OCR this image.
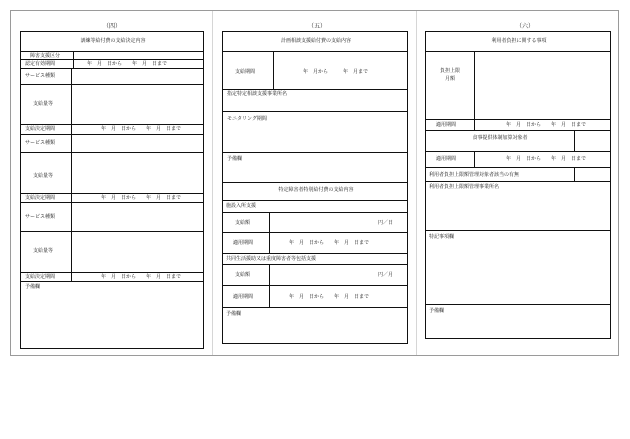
（四）
訓練等給付費の支給決定内容
障害支援区分
認定有効期間	年　月　日から　　年　月　日まで
サービス種類
支給量等
支給決定期間	年　月　日から　　年　月　日まで
サービス種類
支給量等
支給決定期間	年　月　日から　　年　月　日まで
サービス種類
支給量等
支給決定期間	年　月　日から　　年　月　日まで
予備欄
（五）
計画相談支援給付費の支給内容
支給期間	年　月から　　　年　月まで
指定特定相談支援事業所名
モニタリング期間
予備欄
特定障害者特別給付費の支給内容
施設入所支援
支給額	円／日
適用期間	年　月　日から　　年　月　日まで
共同生活援助又は重度障害者等包括支援
支給額	円／月
適用期間	年　月　日から　　年　月　日まで
予備欄
（六）
利用者負担に関する事項
負担上限
月額
適用期間	年　月　日から　　年　月　日まで
食事提供体制加算対象者
適用期間	年　月　日から　　年　月　日まで
利用者負担上限額管理対象者該当の有無
利用者負担上限額管理事業所名
特記事項欄
予備欄
